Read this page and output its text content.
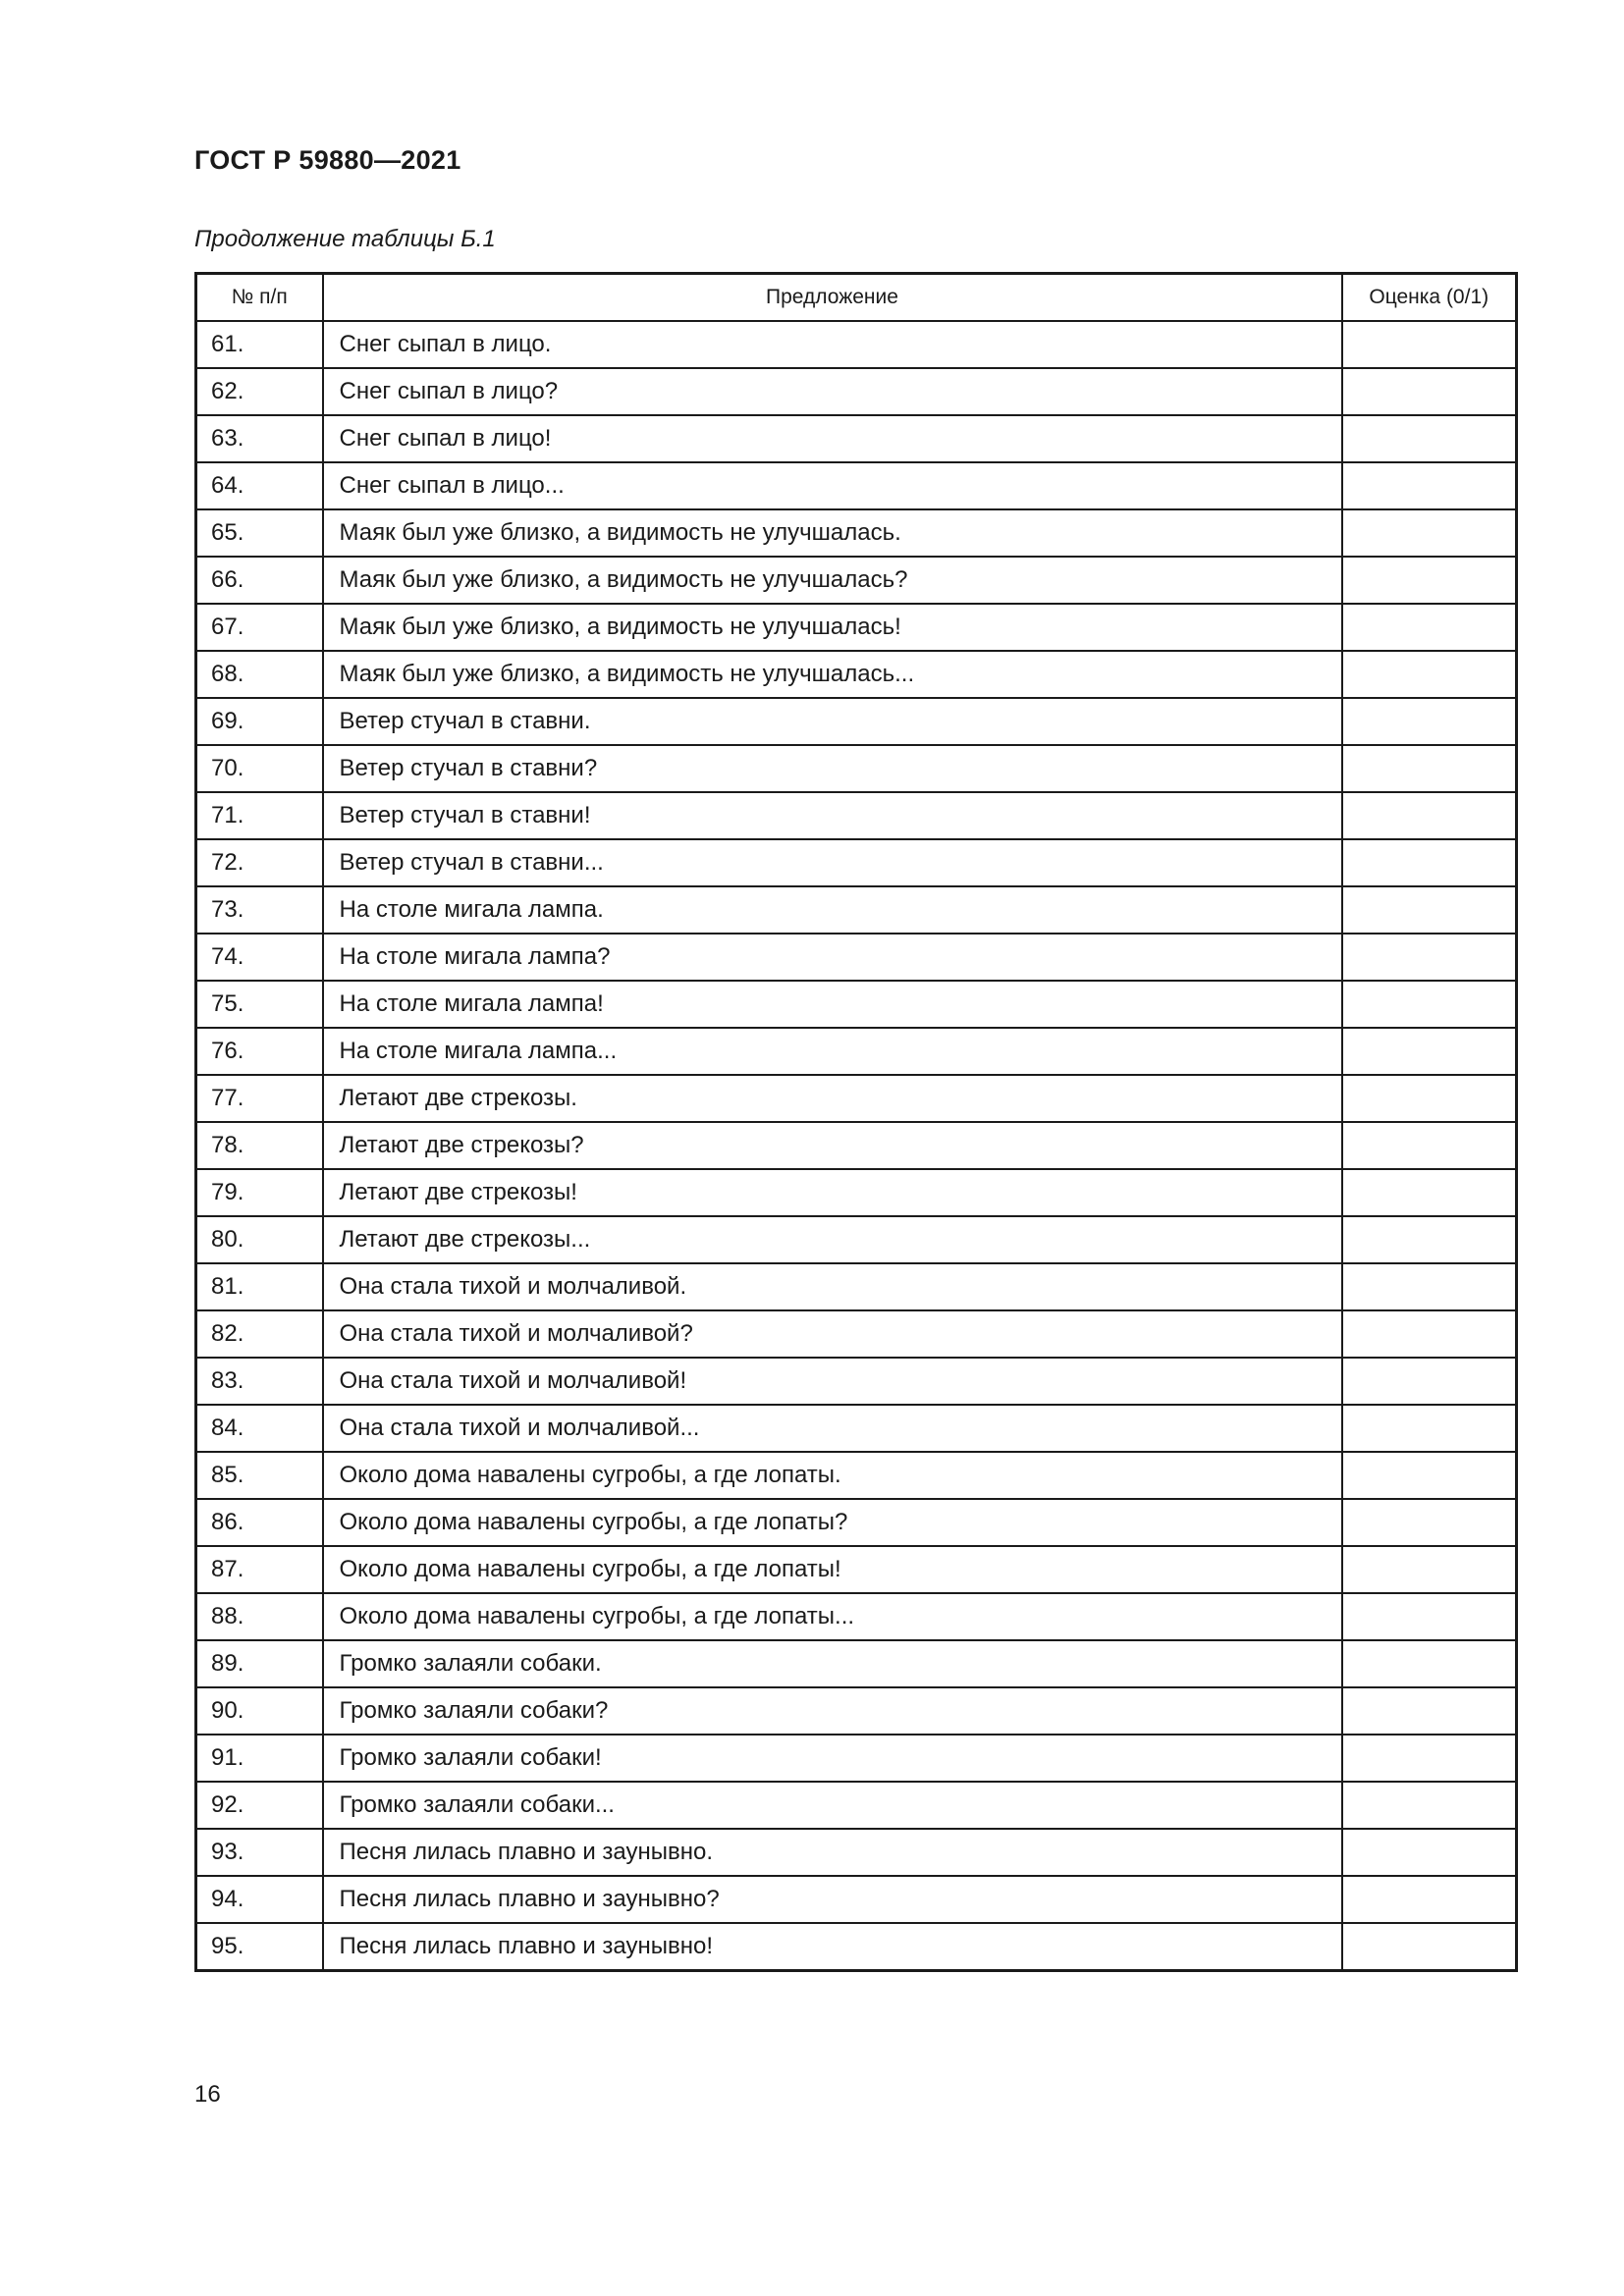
ГОСТ Р 59880—2021
Продолжение таблицы Б.1
№ п/п	Предложение	Оценка (0/1)
61.	Снег сыпал в лицо.	
62.	Снег сыпал в лицо?	
63.	Снег сыпал в лицо!	
64.	Снег сыпал в лицо...	
65.	Маяк был уже близко, а видимость не улучшалась.	
66.	Маяк был уже близко, а видимость не улучшалась?	
67.	Маяк был уже близко, а видимость не улучшалась!	
68.	Маяк был уже близко, а видимость не улучшалась...	
69.	Ветер стучал в ставни.	
70.	Ветер стучал в ставни?	
71.	Ветер стучал в ставни!	
72.	Ветер стучал в ставни...	
73.	На столе мигала лампа.	
74.	На столе мигала лампа?	
75.	На столе мигала лампа!	
76.	На столе мигала лампа...	
77.	Летают две стрекозы.	
78.	Летают две стрекозы?	
79.	Летают две стрекозы!	
80.	Летают две стрекозы...	
81.	Она стала тихой и молчаливой.	
82.	Она стала тихой и молчаливой?	
83.	Она стала тихой и молчаливой!	
84.	Она стала тихой и молчаливой...	
85.	Около дома навалены сугробы, а где лопаты.	
86.	Около дома навалены сугробы, а где лопаты?	
87.	Около дома навалены сугробы, а где лопаты!	
88.	Около дома навалены сугробы, а где лопаты...	
89.	Громко залаяли собаки.	
90.	Громко залаяли собаки?	
91.	Громко залаяли собаки!	
92.	Громко залаяли собаки...	
93.	Песня лилась плавно и заунывно.	
94.	Песня лилась плавно и заунывно?	
95.	Песня лилась плавно и заунывно!	
16
